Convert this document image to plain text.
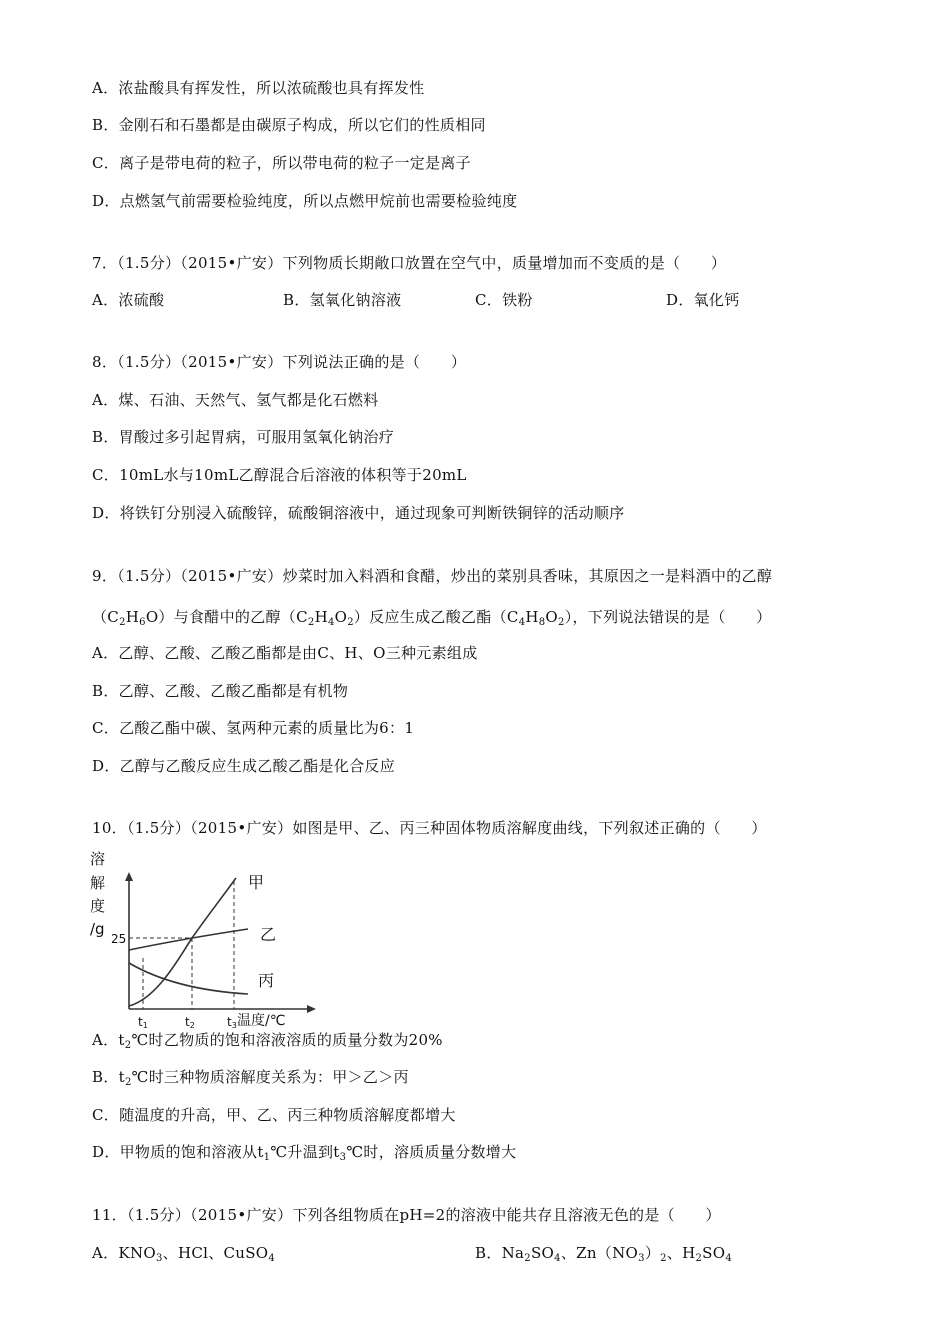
A．浓盐酸具有挥发性，所以浓硫酸也具有挥发性
B．金刚石和石墨都是由碳原子构成，所以它们的性质相同
C．离子是带电荷的粒子，所以带电荷的粒子一定是离子
D．点燃氢气前需要检验纯度，所以点燃甲烷前也需要检验纯度
7．（1.5分）（2015•广安）下列物质长期敞口放置在空气中，质量增加而不变质的是（　　）
A．浓硫酸	B．氢氧化钠溶液	C．铁粉	D．氧化钙
8．（1.5分）（2015•广安）下列说法正确的是（　　）
A．煤、石油、天然气、氢气都是化石燃料
B．胃酸过多引起胃病，可服用氢氧化钠治疗
C．10mL水与10mL乙醇混合后溶液的体积等于20mL
D．将铁钉分别浸入硫酸锌，硫酸铜溶液中，通过现象可判断铁铜锌的活动顺序
9．（1.5分）（2015•广安）炒菜时加入料酒和食醋，炒出的菜别具香味，其原因之一是料酒中的乙醇
$(C_2H_6O)$与食醋中的乙醇$(C_2H_4O_2)$反应生成乙酸乙酯$(C_4H_8O_2)$，下列说法错误的是（　　）
A．乙醇、乙酸、乙酸乙酯都是由C、H、O三种元素组成
B．乙醇、乙酸、乙酸乙酯都是有机物
C．乙酸乙酯中碳、氢两种元素的质量比为6：1
D．乙醇与乙酸反应生成乙酸乙酯是化合反应
10．（1.5分）（2015•广安）如图是甲、乙、丙三种固体物质溶解度曲线，下列叙述正确的（　　）
溶
解
度
/g
25
甲
乙
丙
t1	t2	t3 温度/℃
A．$t_2℃$时乙物质的饱和溶液溶质的质量分数为20%
B．$t_2℃$时三种物质溶解度关系为：甲＞乙＞丙
C．随温度的升高，甲、乙、丙三种物质溶解度都增大
D．甲物质的饱和溶液从$t_1℃$升温到$t_3℃$时，溶质质量分数增大
11．（1.5分）（2015•广安）下列各组物质在pH=2的溶液中能共存且溶液无色的是（　　）
A．$KNO_3$、HCl、CuSO$_4$	B．$Na_2SO_4$、$Zn(NO_3)_2$、$H_2SO_4$
